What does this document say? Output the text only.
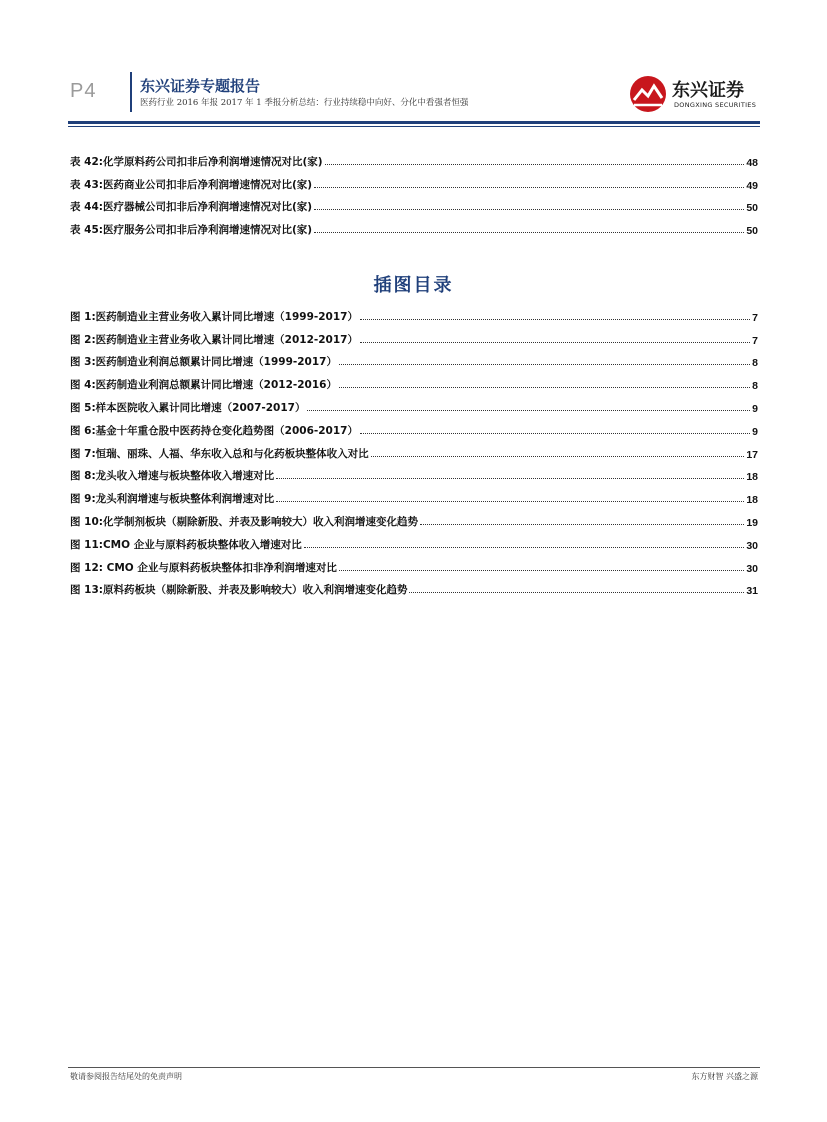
P4	东兴证券专题报告
医药行业 2016 年报 2017 年 1 季报分析总结：行业持续稳中向好、分化中看强者恒强
东兴证券
DONGXING SECURITIES
表 42:化学原料药公司扣非后净利润增速情况对比(家)	48
表 43:医药商业公司扣非后净利润增速情况对比(家)	49
表 44:医疗器械公司扣非后净利润增速情况对比(家)	50
表 45:医疗服务公司扣非后净利润增速情况对比(家)	50
插图目录
图 1:医药制造业主营业务收入累计同比增速（1999-2017）	7
图 2:医药制造业主营业务收入累计同比增速（2012-2017）	7
图 3:医药制造业利润总额累计同比增速（1999-2017）	8
图 4:医药制造业利润总额累计同比增速（2012-2016）	8
图 5:样本医院收入累计同比增速（2007-2017）	9
图 6:基金十年重仓股中医药持仓变化趋势图（2006-2017）	9
图 7:恒瑞、丽珠、人福、华东收入总和与化药板块整体收入对比	17
图 8:龙头收入增速与板块整体收入增速对比	18
图 9:龙头利润增速与板块整体利润增速对比	18
图 10:化学制剂板块（剔除新股、并表及影响较大）收入利润增速变化趋势	19
图 11:CMO 企业与原料药板块整体收入增速对比	30
图 12: CMO 企业与原料药板块整体扣非净利润增速对比	30
图 13:原料药板块（剔除新股、并表及影响较大）收入利润增速变化趋势	31
敬请参阅报告结尾处的免责声明	东方财智 兴盛之源
